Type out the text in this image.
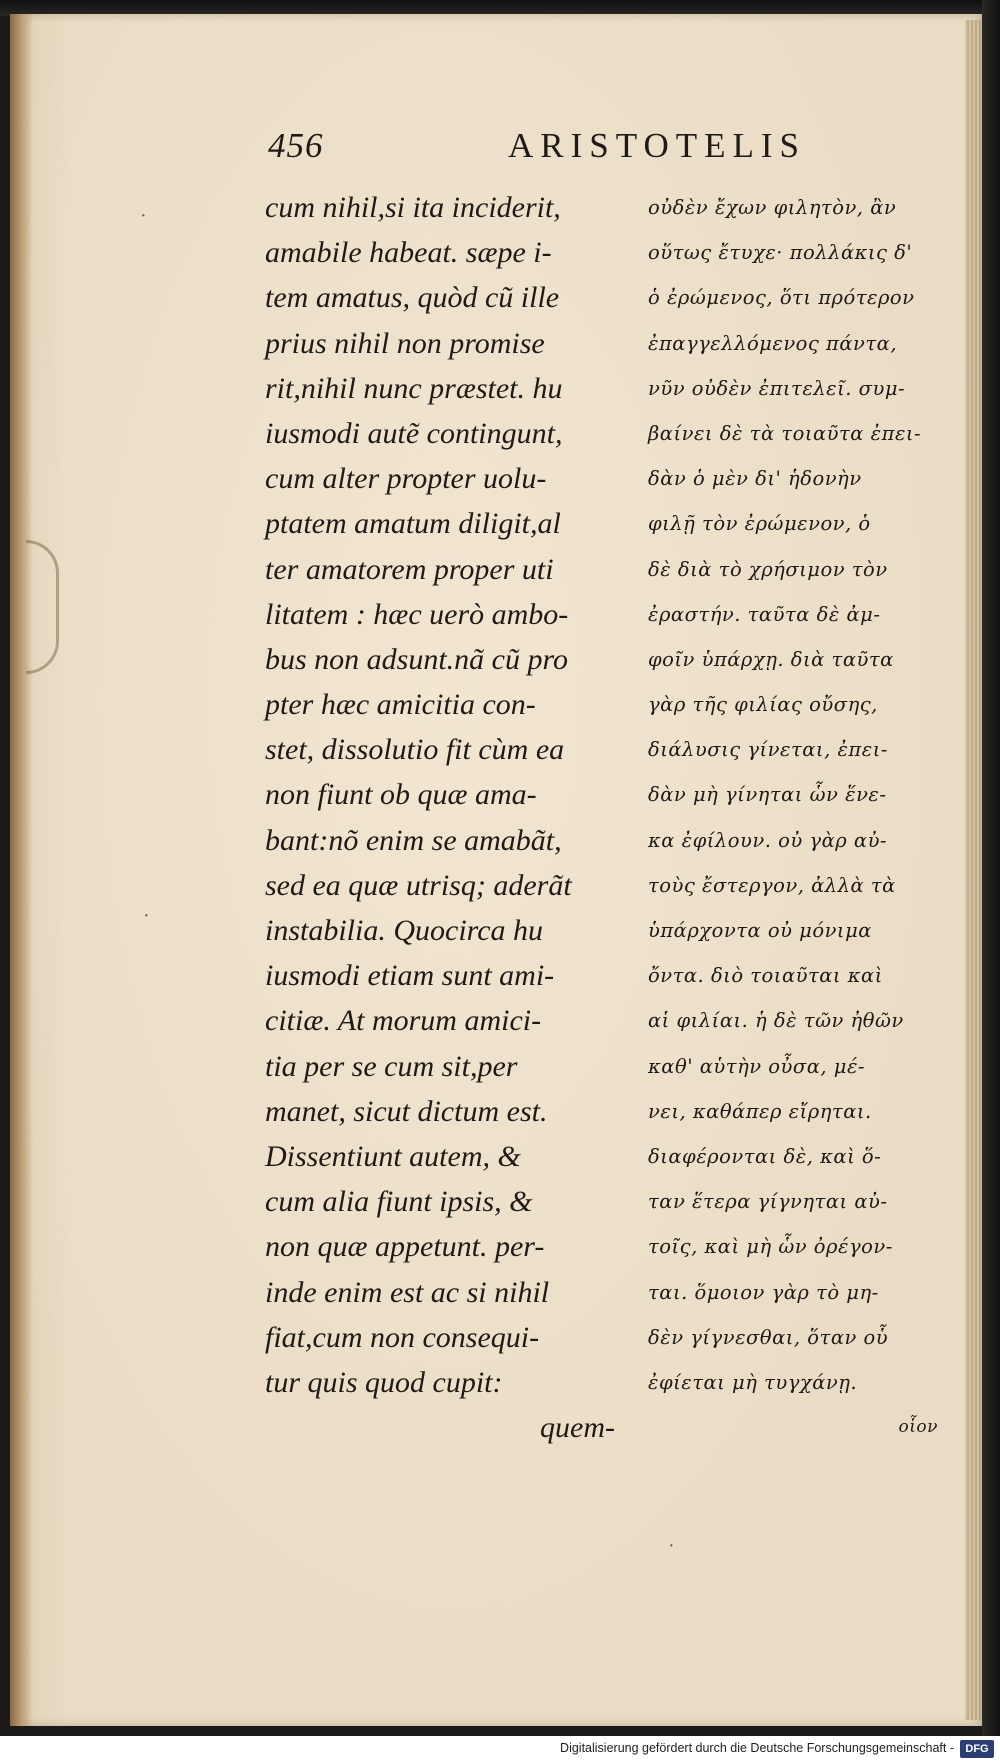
456	ARISTOTELIS
cum nihil,si ita inciderit,
amabile habeat. sæpe i-
tem amatus, quòd cũ ille
prius nihil non promise
rit,nihil nunc præstet. hu
iusmodi autẽ contingunt,
cum alter propter uolu-
ptatem amatum diligit,al
ter amatorem proper uti
litatem : hæc uerò ambo-
bus non adsunt.nã cũ pro
pter hæc amicitia con-
stet, dissolutio fit cùm ea
non fiunt ob quæ ama-
bant:nõ enim se amabãt,
sed ea quæ utrisq; aderãt
instabilia. Quocirca hu
iusmodi etiam sunt ami-
citiæ. At morum amici-
tia per se cum sit,per
manet, sicut dictum est.
Dissentiunt autem, &
cum alia fiunt ipsis, &
non quæ appetunt. per-
inde enim est ac si nihil
fiat,cum non consequi-
tur quis quod cupit:
quem-
οὐδὲν ἔχων φιλητὸν, ἂν
οὕτως ἔτυχε· πολλάκις δ'
ὁ ἐρώμενος, ὅτι πρότερον
ἐπαγγελλόμενος πάντα,
νῦν οὐδὲν ἐπιτελεῖ. συμ-
βαίνει δὲ τὰ τοιαῦτα ἐπει-
δὰν ὁ μὲν δι' ἡδονὴν
φιλῇ τὸν ἐρώμενον, ὁ
δὲ διὰ τὸ χρήσιμον τὸν
ἐραστήν. ταῦτα δὲ ἀμ-
φοῖν ὑπάρχῃ. διὰ ταῦτα
γὰρ τῆς φιλίας οὔσης,
διάλυσις γίνεται, ἐπει-
δὰν μὴ γίνηται ὧν ἕνε-
κα ἐφίλουν. οὐ γὰρ αὐ-
τοὺς ἔστεργον, ἀλλὰ τὰ
ὑπάρχοντα οὐ μόνιμα
ὄντα. διὸ τοιαῦται καὶ
αἱ φιλίαι. ἡ δὲ τῶν ἠθῶν
καθ' αὑτὴν οὖσα, μέ-
νει, καθάπερ εἴρηται.
διαφέρονται δὲ, καὶ ὅ-
ταν ἕτερα γίγνηται αὐ-
τοῖς, καὶ μὴ ὧν ὀρέγον-
ται. ὅμοιον γὰρ τὸ μη-
δὲν γίγνεσθαι, ὅταν οὗ
ἐφίεται μὴ τυγχάνῃ.
οἷον
·
·
·
Digitalisierung gefördert durch die Deutsche Forschungsgemeinschaft -	DFG
